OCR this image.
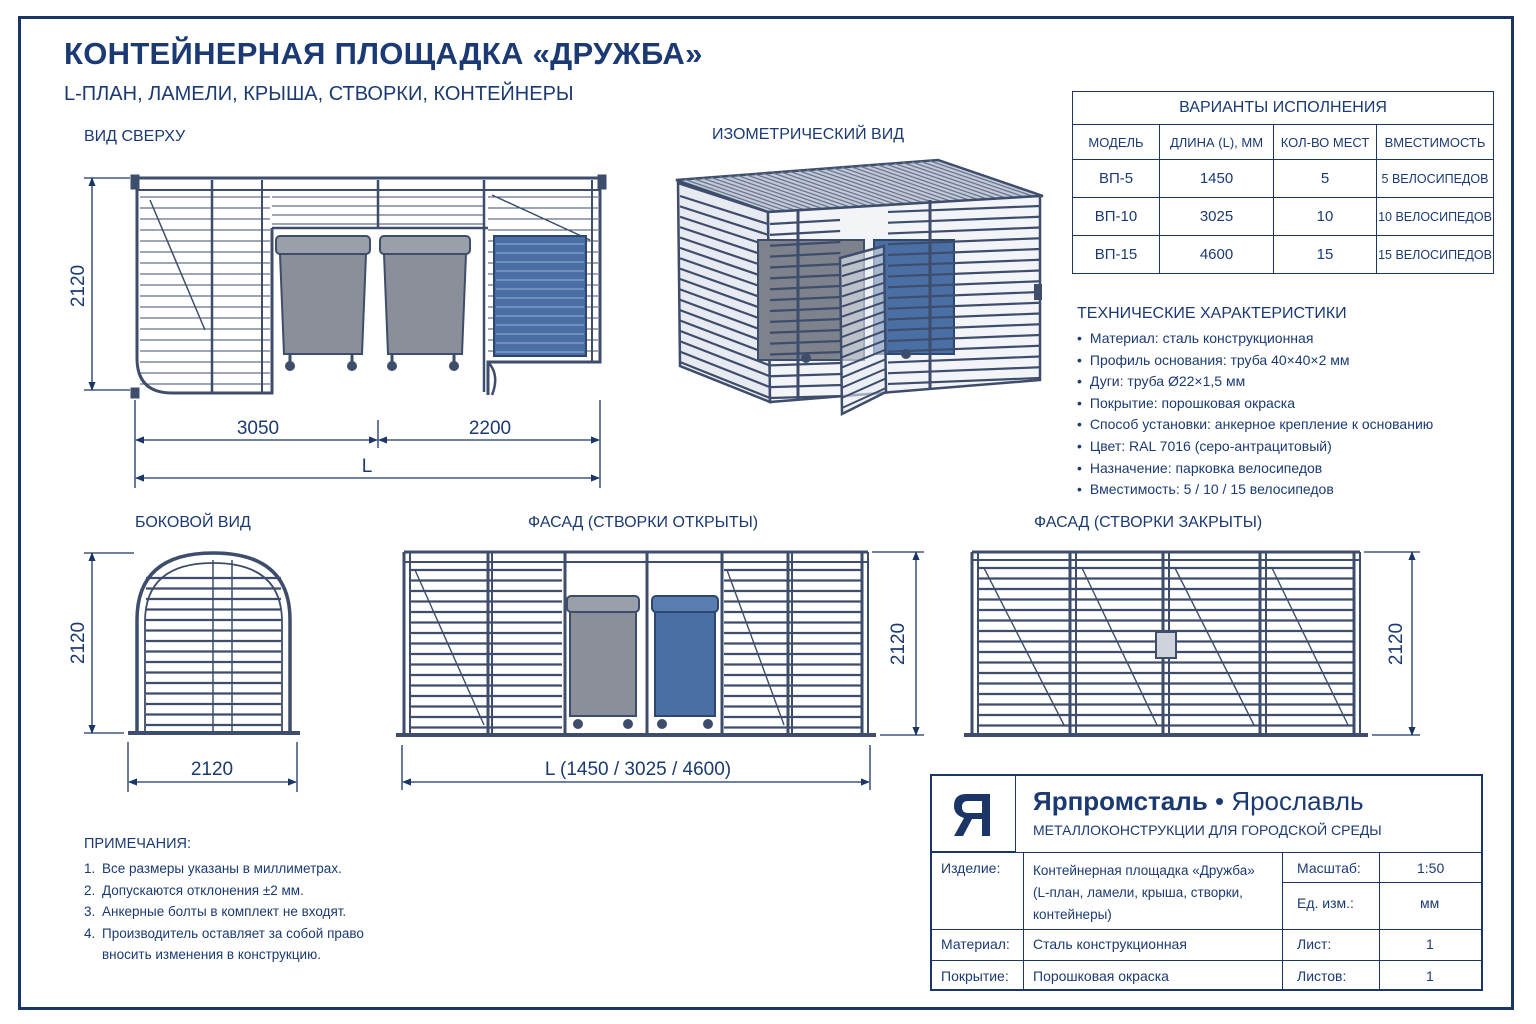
КОНТЕЙНЕРНАЯ ПЛОЩАДКА «ДРУЖБА»
L-ПЛАН, ЛАМЕЛИ, КРЫША, СТВОРКИ, КОНТЕЙНЕРЫ
ВИД СВЕРХУ	ИЗОМЕТРИЧЕСКИЙ ВИД
БОКОВОЙ ВИД	ФАСАД (СТВОРКИ ОТКРЫТЫ)	ФАСАД (СТВОРКИ ЗАКРЫТЫ)
2120
3050	2200
L
2120
2120
2120
L (1450 / 3025 / 4600)
2120
ВАРИАНТЫ ИСПОЛНЕНИЯ			
МОДЕЛЬ	ДЛИНА (L), ММ	КОЛ-ВО МЕСТ	ВМЕСТИМОСТЬ
ВП-5	1450	5	5 ВЕЛОСИПЕДОВ
ВП-10	3025	10	10 ВЕЛОСИПЕДОВ
ВП-15	4600	15	15 ВЕЛОСИПЕДОВ
ТЕХНИЧЕСКИЕ ХАРАКТЕРИСТИКИ
• Материал: сталь конструкционная
• Профиль основания: труба 40×40×2 мм
• Дуги: труба Ø22×1,5 мм
• Покрытие: порошковая окраска
• Способ установки: анкерное крепление к основанию
• Цвет: RAL 7016 (серо-антрацитовый)
• Назначение: парковка велосипедов
• Вместимость: 5 / 10 / 15 велосипедов
ПРИМЕЧАНИЯ:
1. Все размеры указаны в миллиметрах.
2. Допускаются отклонения ±2 мм.
3. Анкерные болты в комплект не входят.
4. Производитель оставляет за собой право
вносить изменения в конструкцию.
Ярпромсталь • Ярославль
МЕТАЛЛОКОНСТРУКЦИИ ДЛЯ ГОРОДСКОЙ СРЕДЫ
Изделие: Контейнерная площадка «Дружба»
(L-план, ламели, крыша, створки,
контейнеры)
Масштаб:	1:50
Ед. изм.:	мм
Материал: Сталь конструкционная	Лист:	1
Покрытие: Порошковая окраска	Листов:	1
